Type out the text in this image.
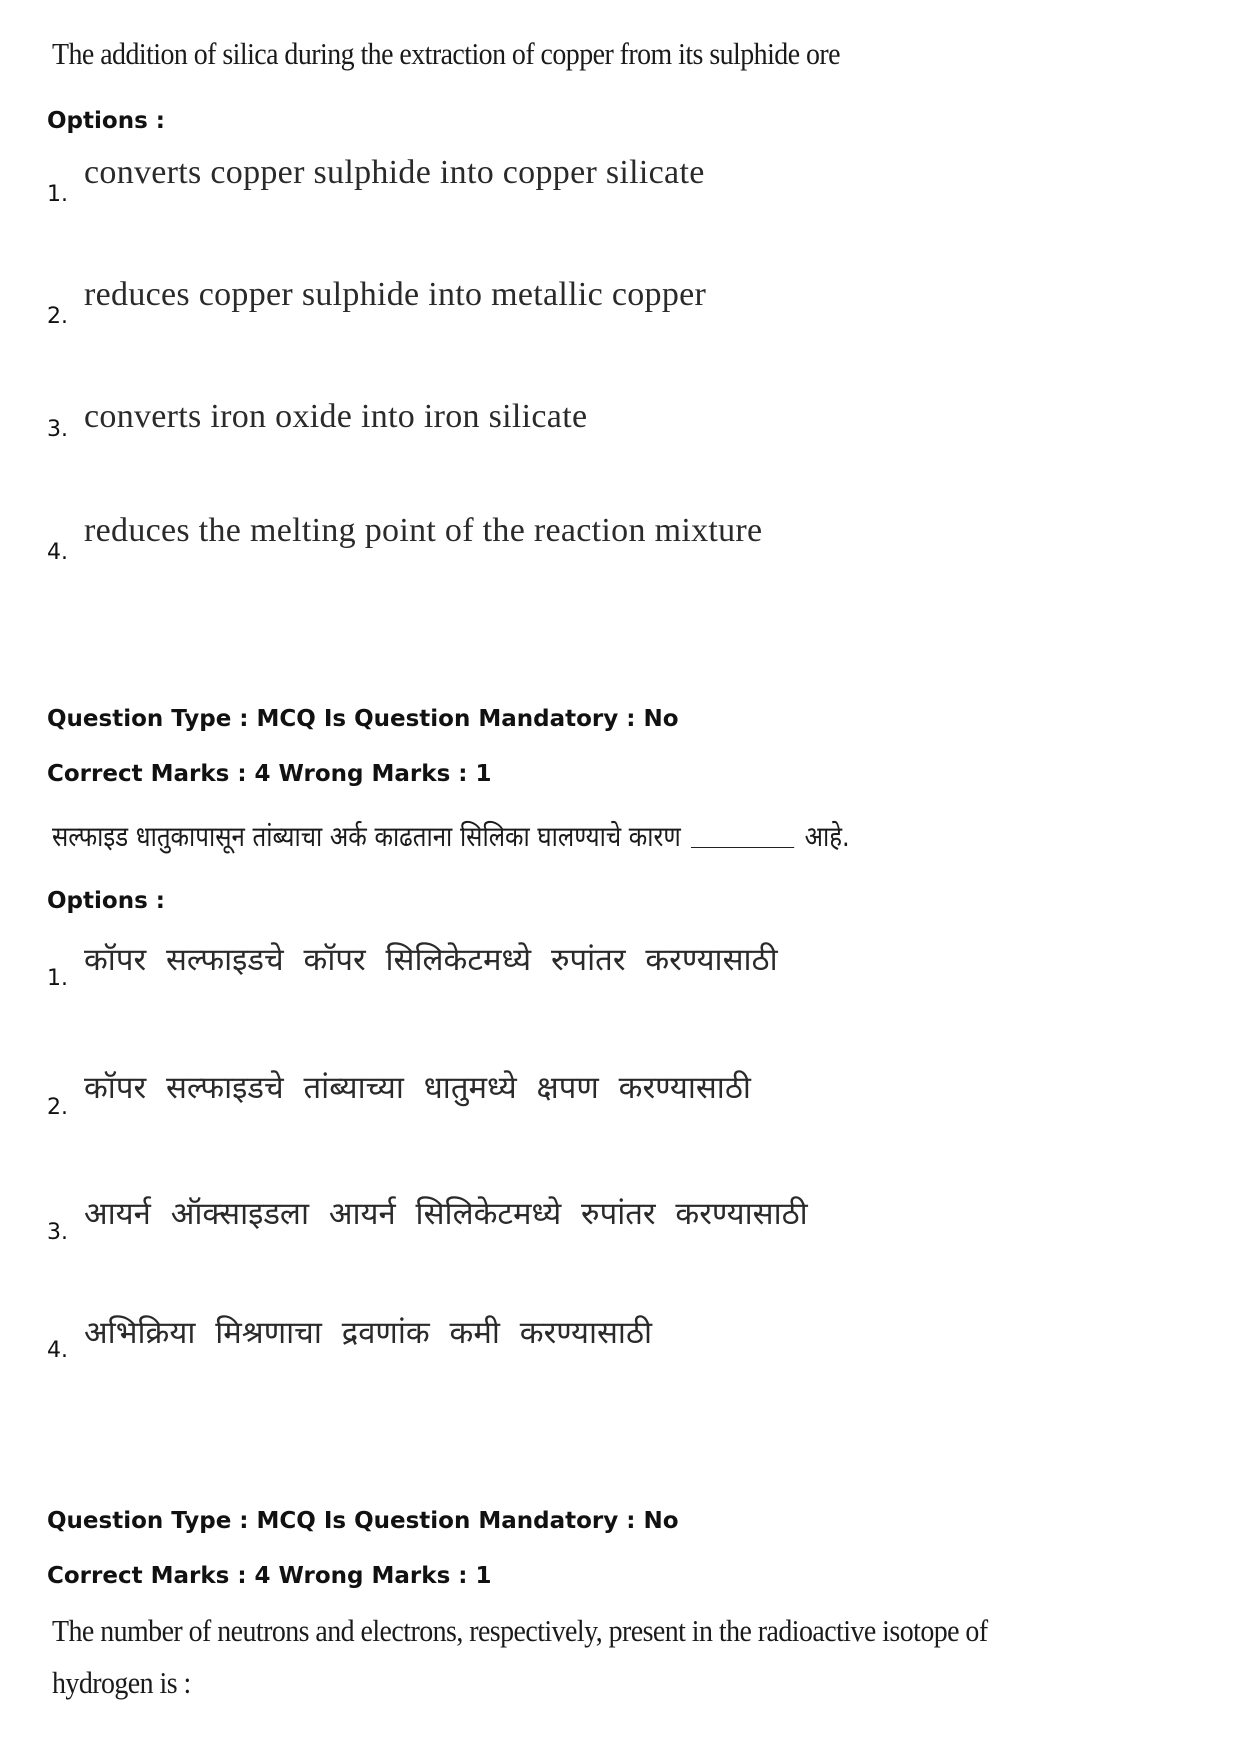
The addition of silica during the extraction of copper from its sulphide ore
Options :
1.
converts copper sulphide into copper silicate
2.
reduces copper sulphide into metallic copper
3. converts iron oxide into iron silicate
4.
reduces the melting point of the reaction mixture
Question Type : MCQ Is Question Mandatory : No
Correct Marks : 4 Wrong Marks : 1
सल्फाइड धातुकापासून तांब्याचा अर्क काढताना सिलिका घालण्याचे कारण	आहे.
Options :
1.
कॉपर सल्फाइडचे कॉपर सिलिकेटमध्ये रुपांतर करण्यासाठी
2.
कॉपर सल्फाइडचे तांब्याच्या धातुमध्ये क्षपण करण्यासाठी
3.
आयर्न ऑक्साइडला आयर्न सिलिकेटमध्ये रुपांतर करण्यासाठी
4. अभिक्रिया मिश्रणाचा द्रवणांक कमी करण्यासाठी
Question Type : MCQ Is Question Mandatory : No
Correct Marks : 4 Wrong Marks : 1
The number of neutrons and electrons, respectively, present in the radioactive isotope of
hydrogen is :
